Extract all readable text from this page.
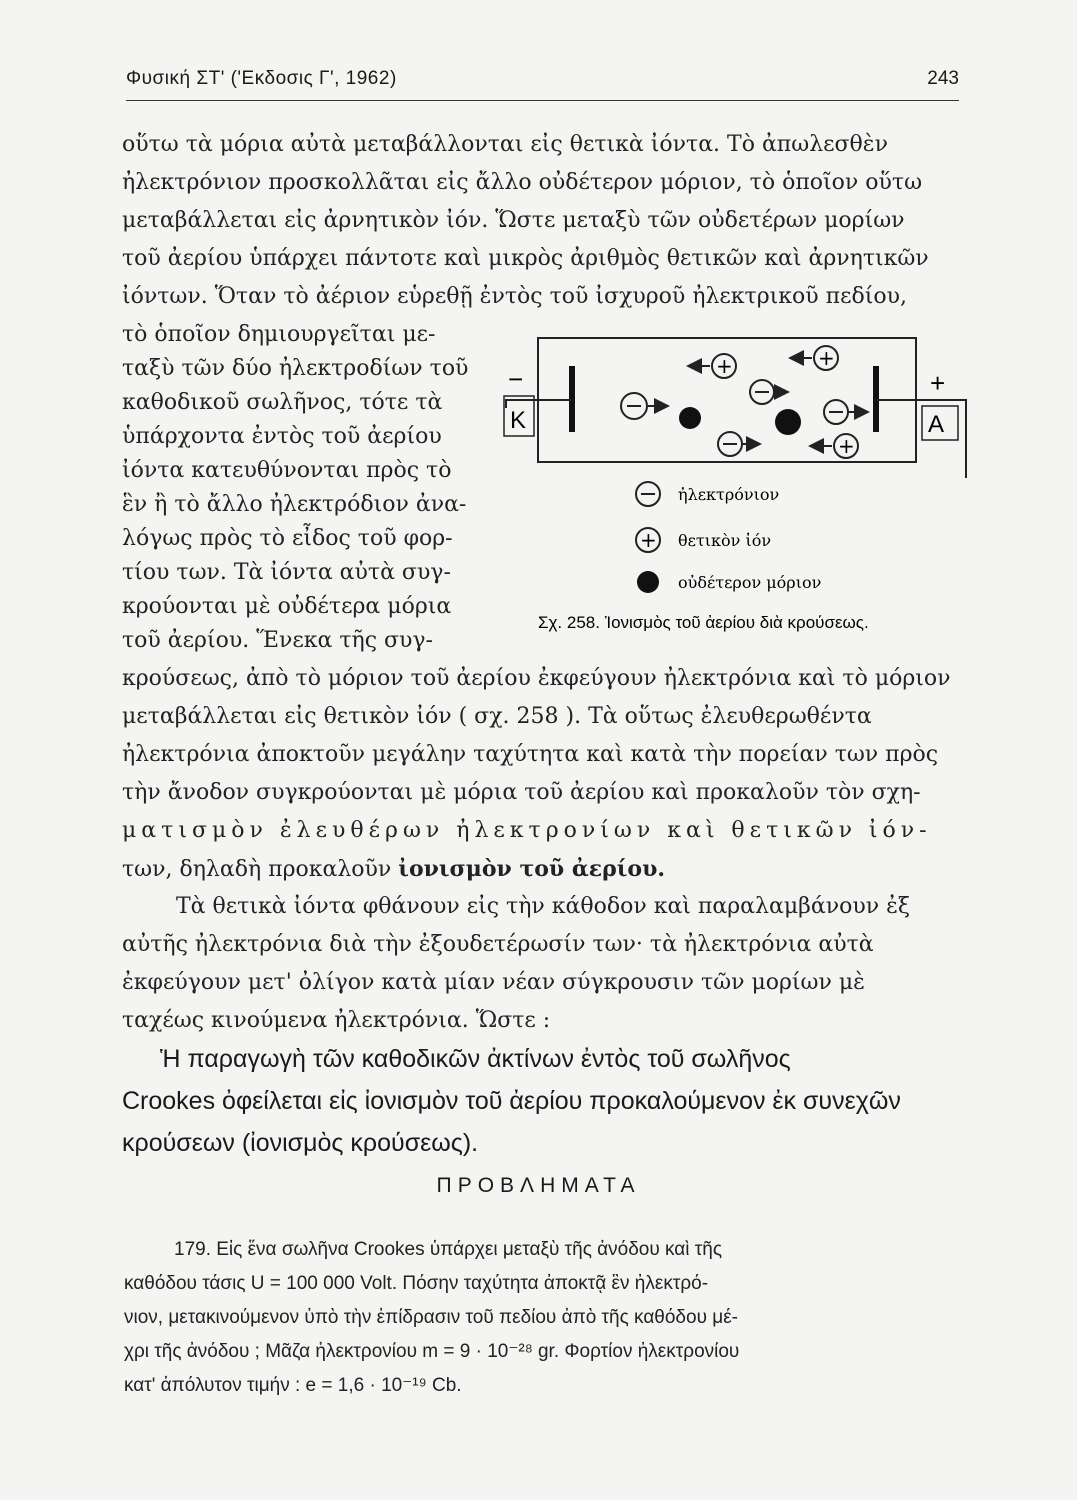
Φυσική ΣΤ' ('Εκδοσις Γ', 1962)	243
οὕτω τὰ μόρια αὐτὰ μεταβάλλονται εἰς θετικὰ ἰόντα. Τὸ ἀπωλεσθὲν
ἠλεκτρόνιον προσκολλᾶται εἰς ἄλλο οὐδέτερον μόριον, τὸ ὁποῖον οὕτω
μεταβάλλεται εἰς ἀρνητικὸν ἰόν. Ὥστε μεταξὺ τῶν οὐδετέρων μορίων
τοῦ ἀερίου ὑπάρχει πάντοτε καὶ μικρὸς ἀριθμὸς θετικῶν καὶ ἀρνητικῶν
ἰόντων. Ὅταν τὸ ἀέριον εὑρεθῇ ἐντὸς τοῦ ἰσχυροῦ ἠλεκτρικοῦ πεδίου,
τὸ ὁποῖον δημιουργεῖται με-
ταξὺ τῶν δύο ἠλεκτροδίων τοῦ
καθοδικοῦ σωλῆνος, τότε τὰ
ὑπάρχοντα ἐντὸς τοῦ ἀερίου
ἰόντα κατευθύνονται πρὸς τὸ
ἓν ἢ τὸ ἄλλο ἠλεκτρόδιον ἀνα-
λόγως πρὸς τὸ εἶδος τοῦ φορ-
τίου των. Τὰ ἰόντα αὐτὰ συγ-
κρούονται μὲ οὐδέτερα μόρια
τοῦ ἀερίου. Ἕνεκα τῆς συγ-
K
−
A
+
+	+
+
ἠλεκτρόνιον
+ θετικὸν ἰόν
οὐδέτερον μόριον
Σχ. 258. Ἰονισμὸς τοῦ ἀερίου διὰ κρούσεως.
κρούσεως, ἀπὸ τὸ μόριον τοῦ ἀερίου ἐκφεύγουν ἠλεκτρόνια καὶ τὸ μόριον
μεταβάλλεται εἰς θετικὸν ἰόν ( σχ. 258 ). Τὰ οὕτως ἐλευθερωθέντα
ἠλεκτρόνια ἀποκτοῦν μεγάλην ταχύτητα καὶ κατὰ τὴν πορείαν των πρὸς
τὴν ἄνοδον συγκρούονται μὲ μόρια τοῦ ἀερίου καὶ προκαλοῦν τὸν σχη-
ματισμὸν ἐλευθέρων ἠλεκτρονίων καὶ θετικῶν ἰόν-
των, δηλαδὴ προκαλοῦν ἰονισμὸν τοῦ ἀερίου.
Τὰ θετικὰ ἰόντα φθάνουν εἰς τὴν κάθοδον καὶ παραλαμβάνουν ἐξ
αὐτῆς ἠλεκτρόνια διὰ τὴν ἐξουδετέρωσίν των· τὰ ἠλεκτρόνια αὐτὰ
ἐκφεύγουν μετ' ὀλίγον κατὰ μίαν νέαν σύγκρουσιν τῶν μορίων μὲ
ταχέως κινούμενα ἠλεκτρόνια. Ὥστε :
Ἡ παραγωγὴ τῶν καθοδικῶν ἀκτίνων ἐντὸς τοῦ σωλῆνος
Crookes ὀφείλεται εἰς ἰονισμὸν τοῦ ἀερίου προκαλούμενον ἐκ συνεχῶν
κρούσεων (ἰονισμὸς κρούσεως).
ΠΡΟΒΛΗΜΑΤΑ
179. Εἰς ἕνα σωλῆνα Crookes ὑπάρχει μεταξὺ τῆς ἀνόδου καὶ τῆς
καθόδου τάσις U = 100 000 Volt. Πόσην ταχύτητα ἀποκτᾷ ἓν ἠλεκτρό-
νιον, μετακινούμενον ὑπὸ τὴν ἐπίδρασιν τοῦ πεδίου ἀπὸ τῆς καθόδου μέ-
χρι τῆς ἀνόδου ; Μᾶζα ἠλεκτρονίου m = 9 · 10⁻²⁸ gr. Φορτίον ἠλεκτρονίου
κατ' ἀπόλυτον τιμήν : e = 1,6 · 10⁻¹⁹ Cb.
